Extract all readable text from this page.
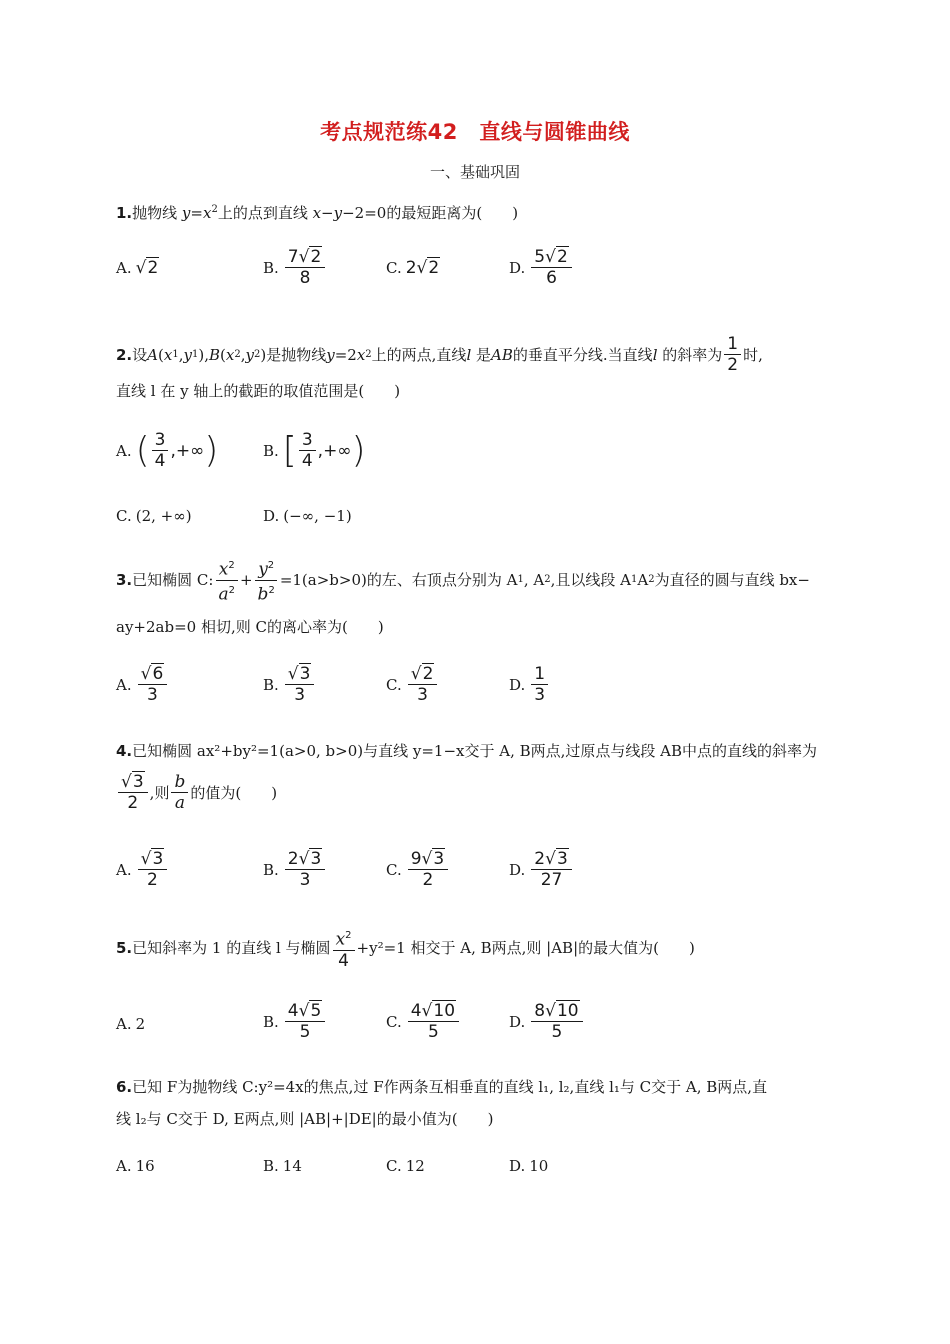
考点规范练42　直线与圆锥曲线
一、基础巩固
1.抛物线 $y=x^2$上的点到直线 x−y−2=0的最短距离为( )
A. √2	B. $\frac{7√2}{8}$	C. 2√2	D. $\frac{5√2}{6}$
2. 设 A ( x 1 , y 1 ), B ( x 2 , y 2 ) 是抛物线 y= 2 x 2 上的两点,直线 l
是 AB 的垂直平分线.当直线 l
的斜率为 $\frac{1}{2}$ 时,
直线 l 在 y 轴上的截距的取值范围是( )
A. ( $\frac{3}{4}$ ,+∞ )	B. [ $\frac{3}{4}$ ,+∞ )
C. (2, +∞)	D. (−∞, −1)
3. 已知椭圆 C: $\frac{x^2}{a^2} + \frac{y^2}{b^2} =1(a>b>0)$的左、右顶点分别为 A 1 , A 2 ,且以线段 A 1 A 2 为直径的圆与直线 bx−
ay+2ab=0 相切,则 C的离心率为( )
A. $\frac{√6}{3}$	B. $\frac{√3}{3}$	C. $\frac{√2}{3}$	D. $\frac{1}{3}$
4.已知椭圆 ax²+by²=1(a>0, b>0)与直线 y=1−x交于 A, B两点,过原点与线段 AB中点的直线的斜率为
$\frac{√3}{2}$ ,则 $\frac{b}{a}$ 的值为( )
A. $\frac{√3}{2}$	B. $\frac{2√3}{3}$	C. $\frac{9√3}{2}$	D. $\frac{2√3}{27}$
5. 已知斜率为 1 的直线 l 与椭圆 $\frac{x^2}{4} +y^2=1$ 相交于 A, B两点,则 |AB|的最大值为( )
A. 2	B. $\frac{4√5}{5}$	C. $\frac{4√10}{5}$	D. $\frac{8√10}{5}$
6.已知 F为抛物线 C:y²=4x的焦点,过 F作两条互相垂直的直线 l₁, l₂,直线 l₁与 C交于 A, B两点,直
线 l₂与 C交于 D, E两点,则 |AB|+|DE|的最小值为( )
A. 16	B. 14	C. 12	D. 10
